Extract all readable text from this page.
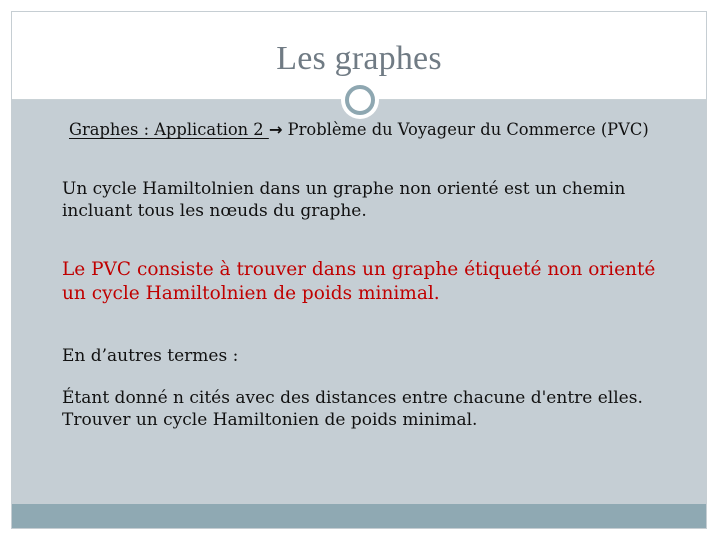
Les graphes
Graphes : Application 2 → Problème du Voyageur du Commerce (PVC)
Un cycle Hamiltolnien dans un graphe non orienté est un chemin incluant tous les nœuds du graphe.
Le PVC consiste à trouver dans un graphe étiqueté non orienté un cycle Hamiltolnien de poids minimal.
En d’autres termes :
Étant donné n cités avec des distances entre chacune d'entre elles. Trouver un cycle Hamiltonien de poids minimal.
